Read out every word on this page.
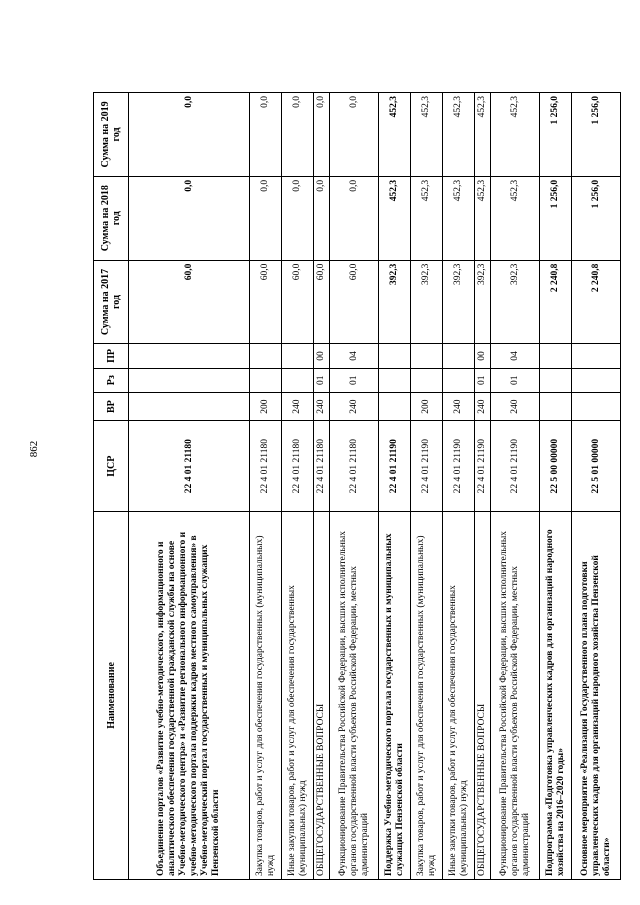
862
Наименование	ЦСР	ВР	Рз	ПР	Сумма на 2017 год	Сумма на 2018 год	Сумма на 2019 год
Объединение порталов «Развитие учебно-методического, информационного и аналитического обеспечения государственной гражданской службы на основе Учебно-методического центра» и «Развитие регионального информационного и учебно-методического портала поддержки кадров местного самоуправления» в Учебно-методический портал государственных и муниципальных служащих Пензенской области	22 4 01 21180				60,0	0,0	0,0
Закупка товаров, работ и услуг для обеспечения государственных (муниципальных) нужд	22 4 01 21180	200			60,0	0,0	0,0
Иные закупки товаров, работ и услуг для обеспечения государственных (муниципальных) нужд	22 4 01 21180	240			60,0	0,0	0,0
ОБЩЕГОСУДАРСТВЕННЫЕ ВОПРОСЫ	22 4 01 21180	240	01	00	60,0	0,0	0,0
Функционирование Правительства Российской Федерации, высших исполнительных органов государственной власти субъектов Российской Федерации, местных администраций	22 4 01 21180	240	01	04	60,0	0,0	0,0
Поддержка Учебно-методического портала государственных и муниципальных служащих Пензенской области	22 4 01 21190				392,3	452,3	452,3
Закупка товаров, работ и услуг для обеспечения государственных (муниципальных) нужд	22 4 01 21190	200			392,3	452,3	452,3
Иные закупки товаров, работ и услуг для обеспечения государственных (муниципальных) нужд	22 4 01 21190	240			392,3	452,3	452,3
ОБЩЕГОСУДАРСТВЕННЫЕ ВОПРОСЫ	22 4 01 21190	240	01	00	392,3	452,3	452,3
Функционирование Правительства Российской Федерации, высших исполнительных органов государственной власти субъектов Российской Федерации, местных администраций	22 4 01 21190	240	01	04	392,3	452,3	452,3
Подпрограмма «Подготовка управленческих кадров для организаций народного хозяйства на 2016–2020 годы»	22 5 00 00000				2 240,8	1 256,0	1 256,0
Основное мероприятие «Реализация Государственного плана подготовки управленческих кадров для организаций народного хозяйства Пензенской области»	22 5 01 00000				2 240,8	1 256,0	1 256,0
